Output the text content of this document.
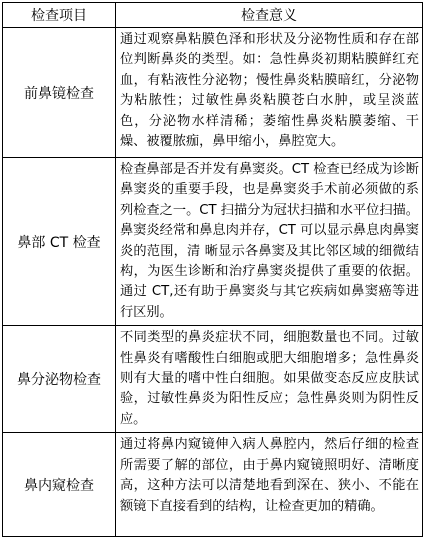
检查项目	检查意义
前鼻镜检查	通过观察鼻粘膜色泽和形状及分泌物性质和存在部位判断鼻炎的类型。如：急性鼻炎初期粘膜鲜红充血，有粘液性分泌物；慢性鼻炎粘膜暗红，分泌物为粘脓性；过敏性鼻炎粘膜苍白水肿，或呈淡蓝色，分泌物水样清稀；萎缩性鼻炎粘膜萎缩、干燥、被覆脓痂，鼻甲缩小，鼻腔宽大。
鼻部 CT 检查	检查鼻部是否并发有鼻窦炎。CT 检查已经成为诊断鼻窦炎的重要手段，也是鼻窦炎手术前必须做的系列检查之一。CT 扫描分为冠状扫描和水平位扫描。鼻窦炎经常和鼻息肉并存，CT 可以显示鼻息肉鼻窦炎的范围，清 晰显示各鼻窦及其比邻区域的细微结构，为医生诊断和治疗鼻窦炎提供了重要的依据。通过 CT,还有助于鼻窦炎与其它疾病如鼻窦癌等进行区别。
鼻分泌物检查	不同类型的鼻炎症状不同，细胞数量也不同。过敏性鼻炎有嗜酸性白细胞或肥大细胞增多；急性鼻炎则有大量的嗜中性白细胞。如果做变态反应皮肤试验，过敏性鼻炎为阳性反应；急性鼻炎则为阴性反应。
鼻内窥检查	通过将鼻内窥镜伸入病人鼻腔内，然后仔细的检查所需要了解的部位，由于鼻内窥镜照明好、清晰度高，这种方法可以清楚地看到深在、狭小、不能在额镜下直接看到的结构，让检查更加的精确。
